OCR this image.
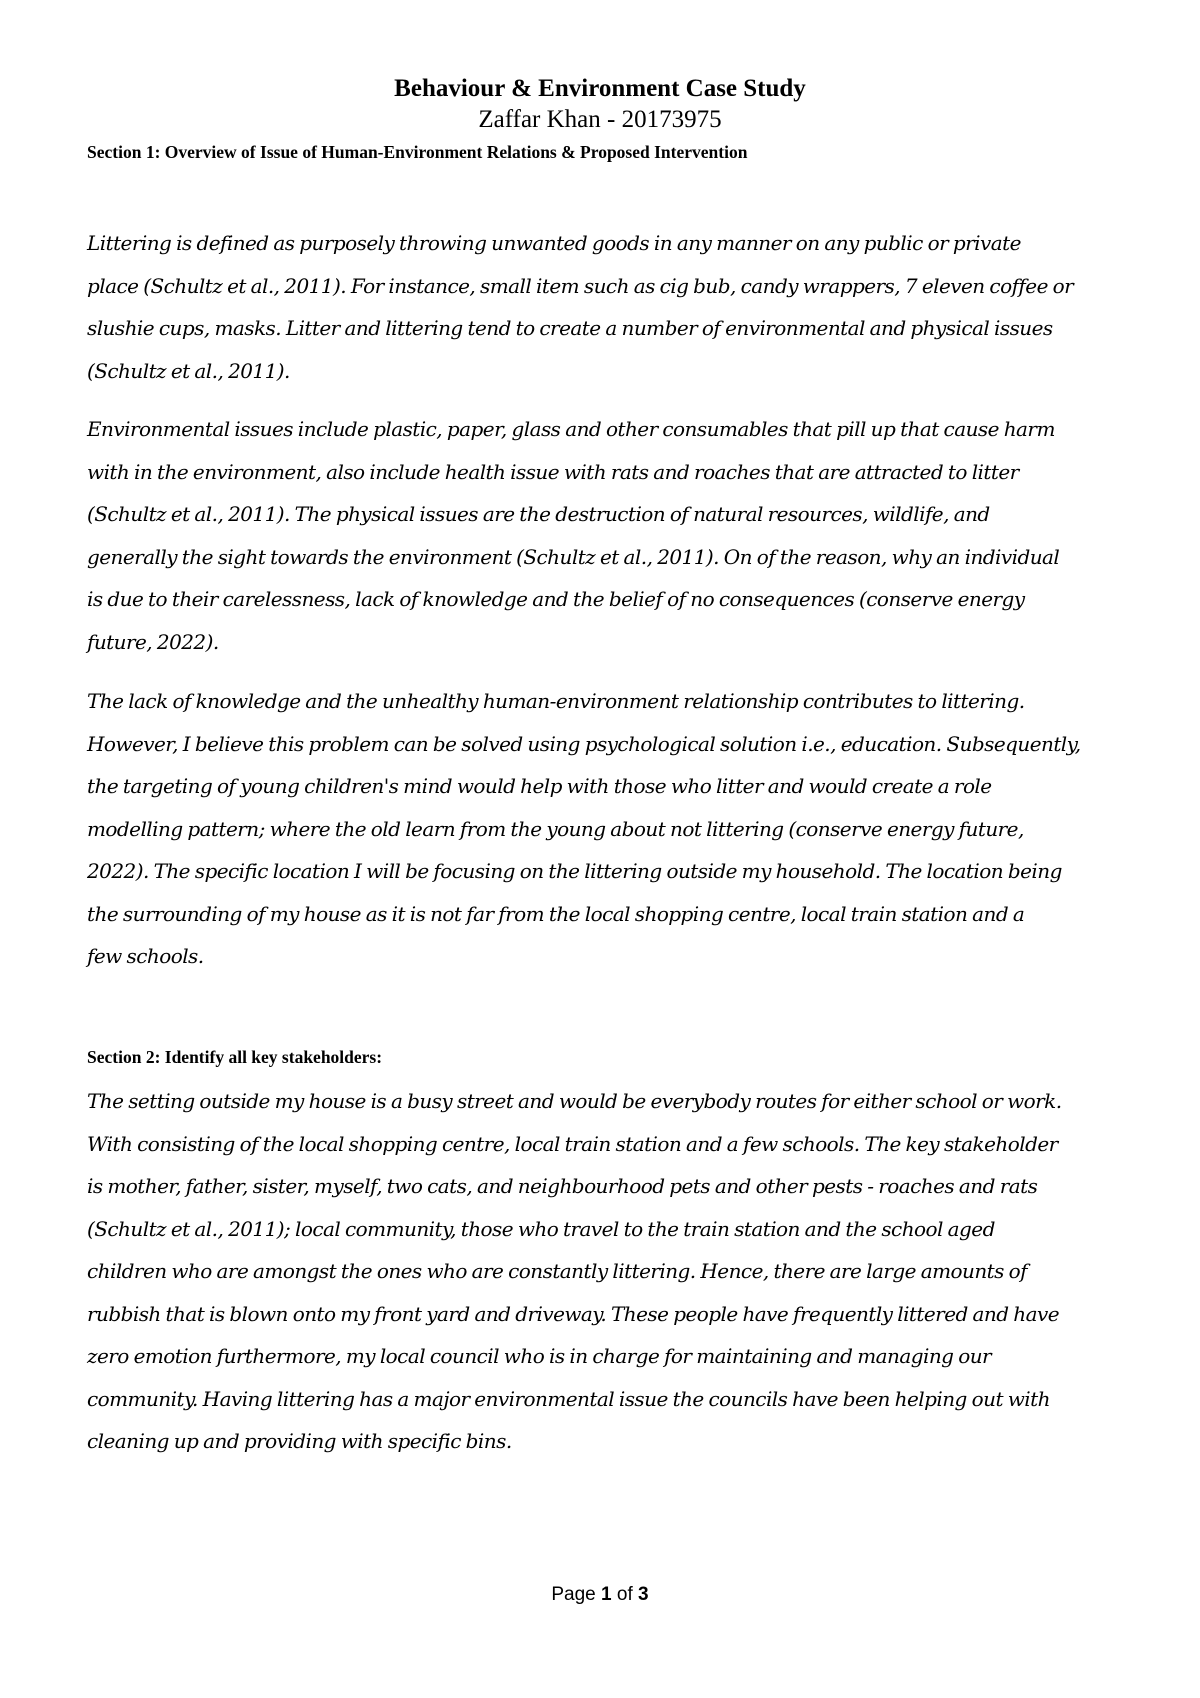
Behaviour & Environment Case Study
Zaffar Khan - 20173975
Section 1: Overview of Issue of Human-Environment Relations & Proposed Intervention
Littering is defined as purposely throwing unwanted goods in any manner on any public or private
place (Schultz et al., 2011). For instance, small item such as cig bub, candy wrappers, 7 eleven coffee or
slushie cups, masks. Litter and littering tend to create a number of environmental and physical issues
(Schultz et al., 2011).
Environmental issues include plastic, paper, glass and other consumables that pill up that cause harm
with in the environment, also include health issue with rats and roaches that are attracted to litter
(Schultz et al., 2011). The physical issues are the destruction of natural resources, wildlife, and
generally the sight towards the environment (Schultz et al., 2011). On of the reason, why an individual
is due to their carelessness, lack of knowledge and the belief of no consequences (conserve energy
future, 2022).
The lack of knowledge and the unhealthy human-environment relationship contributes to littering.
However, I believe this problem can be solved using psychological solution i.e., education. Subsequently,
the targeting of young children's mind would help with those who litter and would create a role
modelling pattern; where the old learn from the young about not littering (conserve energy future,
2022). The specific location I will be focusing on the littering outside my household. The location being
the surrounding of my house as it is not far from the local shopping centre, local train station and a
few schools.
Section 2: Identify all key stakeholders:
The setting outside my house is a busy street and would be everybody routes for either school or work.
With consisting of the local shopping centre, local train station and a few schools. The key stakeholder
is mother, father, sister, myself, two cats, and neighbourhood pets and other pests - roaches and rats
(Schultz et al., 2011); local community, those who travel to the train station and the school aged
children who are amongst the ones who are constantly littering. Hence, there are large amounts of
rubbish that is blown onto my front yard and driveway. These people have frequently littered and have
zero emotion furthermore, my local council who is in charge for maintaining and managing our
community. Having littering has a major environmental issue the councils have been helping out with
cleaning up and providing with specific bins.
Page 1 of 3
